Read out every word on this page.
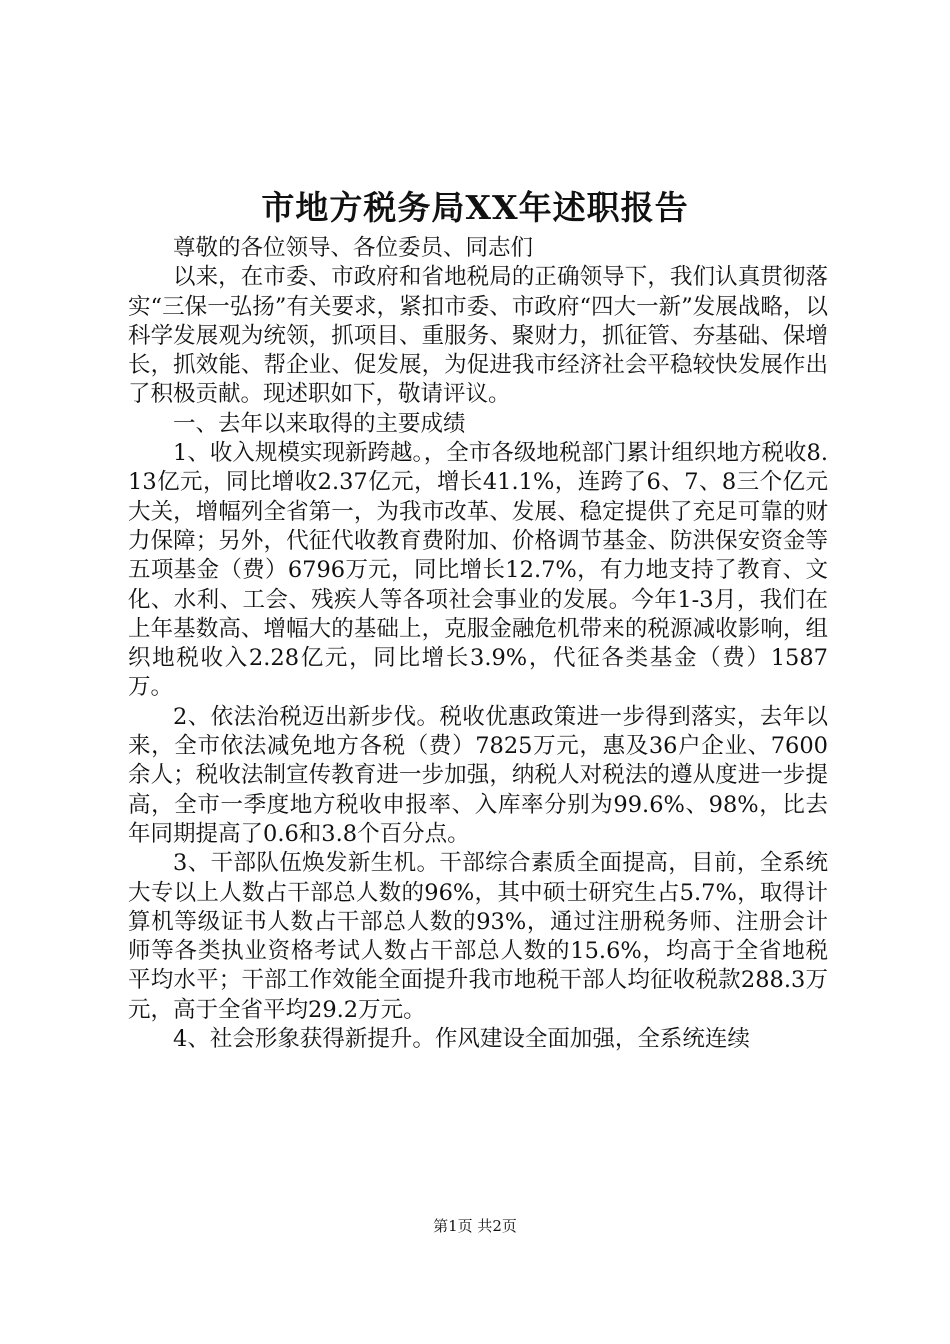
市地方税务局XX年述职报告

尊敬的各位领导、各位委员、同志们

以来，在市委、市政府和省地税局的正确领导下，我们认真贯彻落实“三保一弘扬”有关要求，紧扣市委、市政府“四大一新”发展战略，以科学发展观为统领，抓项目、重服务、聚财力，抓征管、夯基础、保增长，抓效能、帮企业、促发展，为促进我市经济社会平稳较快发展作出了积极贡献。现述职如下，敬请评议。

一、去年以来取得的主要成绩

1、收入规模实现新跨越。，全市各级地税部门累计组织地方税收8.13亿元，同比增收2.37亿元，增长41.1%，连跨了6、7、8三个亿元大关，增幅列全省第一，为我市改革、发展、稳定提供了充足可靠的财力保障；另外，代征代收教育费附加、价格调节基金、防洪保安资金等五项基金（费）6796万元，同比增长12.7%，有力地支持了教育、文化、水利、工会、残疾人等各项社会事业的发展。今年1-3月，我们在上年基数高、增幅大的基础上，克服金融危机带来的税源减收影响，组织地税收入2.28亿元，同比增长3.9%，代征各类基金（费）1587万。

2、依法治税迈出新步伐。税收优惠政策进一步得到落实，去年以来，全市依法减免地方各税（费）7825万元，惠及36户企业、7600余人；税收法制宣传教育进一步加强，纳税人对税法的遵从度进一步提高，全市一季度地方税收申报率、入库率分别为99.6%、98%，比去年同期提高了0.6和3.8个百分点。

3、干部队伍焕发新生机。干部综合素质全面提高，目前，全系统大专以上人数占干部总人数的96%，其中硕士研究生占5.7%，取得计算机等级证书人数占干部总人数的93%，通过注册税务师、注册会计师等各类执业资格考试人数占干部总人数的15.6%，均高于全省地税平均水平；干部工作效能全面提升我市地税干部人均征收税款288.3万元，高于全省平均29.2万元。

4、社会形象获得新提升。作风建设全面加强，全系统连续

第1页 共2页
